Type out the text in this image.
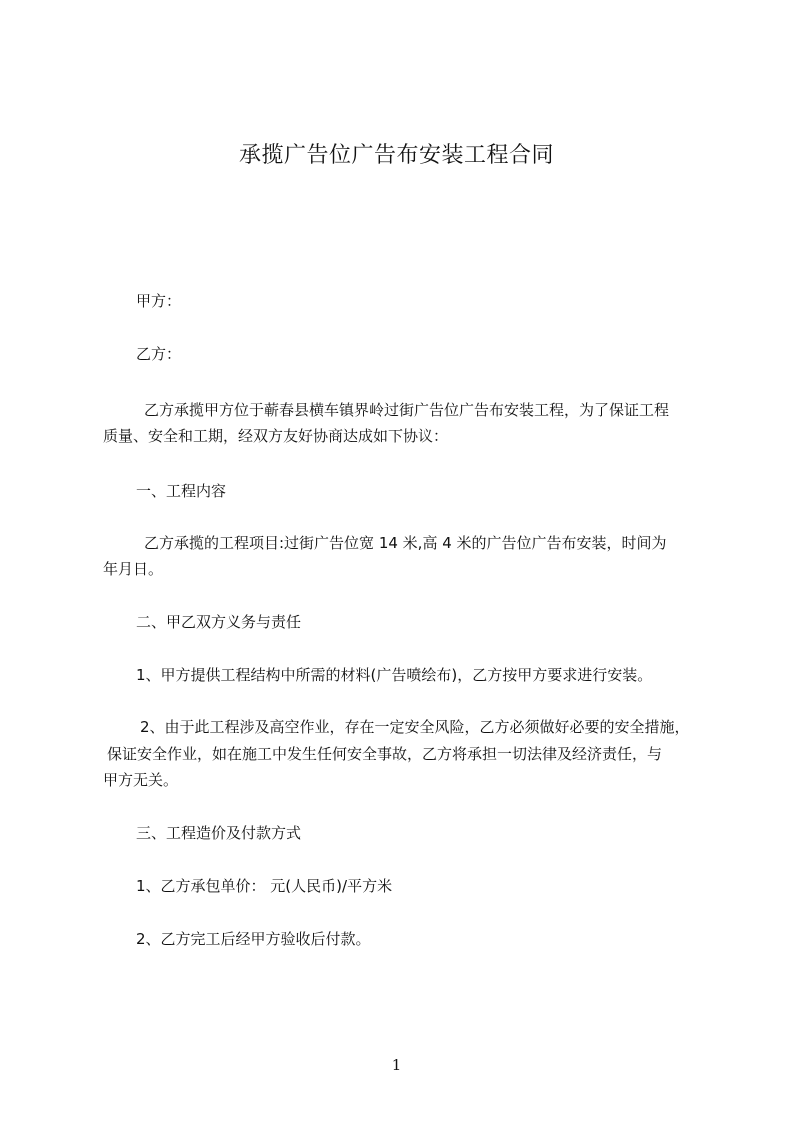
承揽广告位广告布安装工程合同

甲方：

乙方：

乙方承揽甲方位于蕲春县横车镇界岭过街广告位广告布安装工程，为了保证工程

质量、安全和工期，经双方友好协商达成如下协议：

一、工程内容

乙方承揽的工程项目:过街广告位宽 14 米,高 4 米的广告位广告布安装，时间为

年月日。

二、甲乙双方义务与责任

1、甲方提供工程结构中所需的材料(广告喷绘布)，乙方按甲方要求进行安装。

2、由于此工程涉及高空作业，存在一定安全风险，乙方必须做好必要的安全措施，

保证安全作业，如在施工中发生任何安全事故，乙方将承担一切法律及经济责任，与

甲方无关。

三、工程造价及付款方式

1、乙方承包单价： 元(人民币)/平方米

2、乙方完工后经甲方验收后付款。

1
